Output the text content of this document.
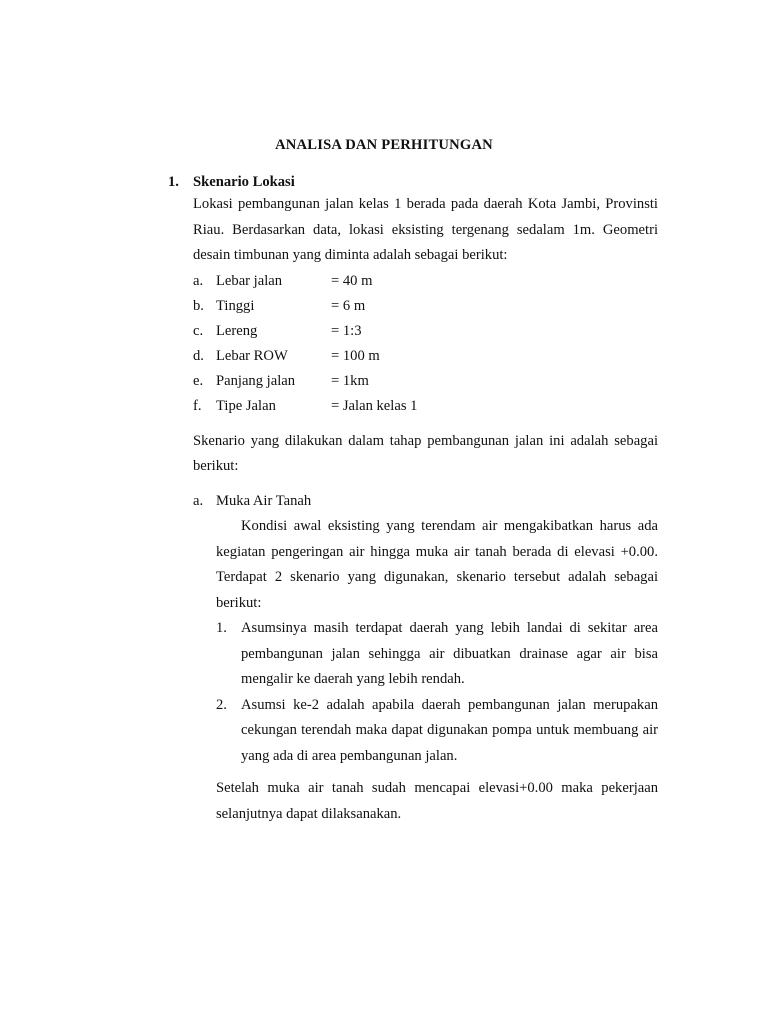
ANALISA DAN PERHITUNGAN
1. Skenario Lokasi

Lokasi pembangunan jalan kelas 1 berada pada daerah Kota Jambi, Provinsti Riau. Berdasarkan data, lokasi eksisting tergenang sedalam 1m. Geometri desain timbunan yang diminta adalah sebagai berikut:

a. Lebar jalan	= 40 m
b. Tinggi	= 6 m
c. Lereng	= 1:3
d. Lebar ROW	= 100 m
e. Panjang jalan	= 1km
f. Tipe Jalan	= Jalan kelas 1

Skenario yang dilakukan dalam tahap pembangunan jalan ini adalah sebagai berikut:

a. Muka Air Tanah

Kondisi awal eksisting yang terendam air mengakibatkan harus ada kegiatan pengeringan air hingga muka air tanah berada di elevasi +0.00. Terdapat 2 skenario yang digunakan, skenario tersebut adalah sebagai berikut:

1. Asumsinya masih terdapat daerah yang lebih landai di sekitar area pembangunan jalan sehingga air dibuatkan drainase agar air bisa mengalir ke daerah yang lebih rendah.
2. Asumsi ke-2 adalah apabila daerah pembangunan jalan merupakan cekungan terendah maka dapat digunakan pompa untuk membuang air yang ada di area pembangunan jalan.

Setelah muka air tanah sudah mencapai elevasi+0.00 maka pekerjaan selanjutnya dapat dilaksanakan.
